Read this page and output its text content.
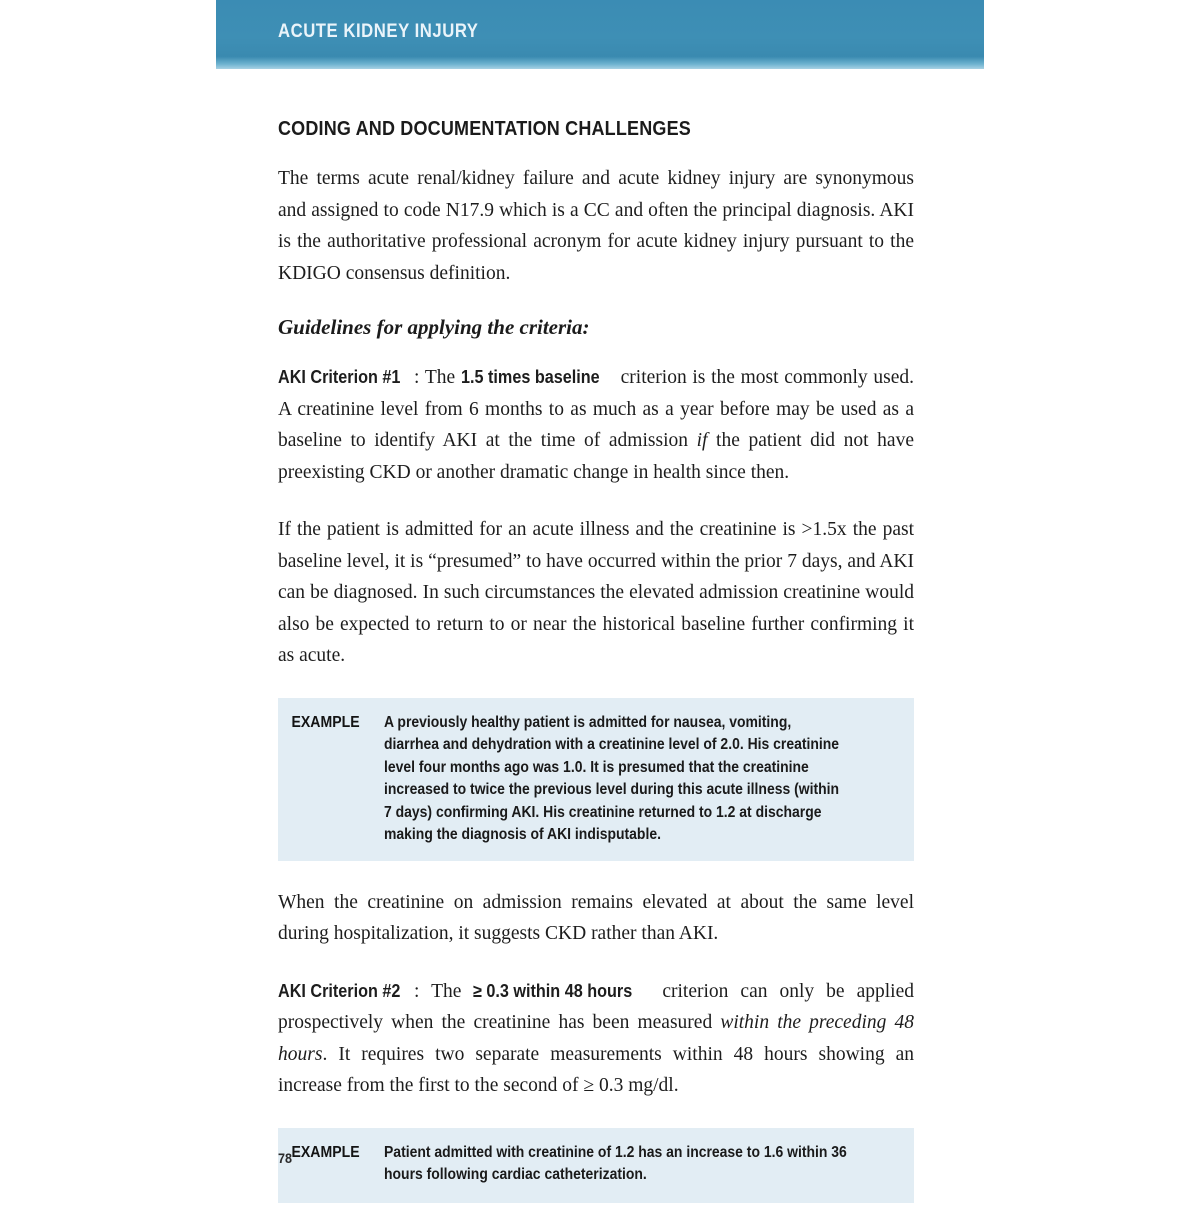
ACUTE KIDNEY INJURY
CODING AND DOCUMENTATION CHALLENGES

The terms acute renal/kidney failure and acute kidney injury are synonymous and assigned to code N17.9 which is a CC and often the principal diagnosis. AKI is the authoritative professional acronym for acute kidney injury pursuant to the KDIGO consensus definition.

Guidelines for applying the criteria:

AKI Criterion #1 : The 1.5 times baseline criterion is the most commonly used. A creatinine level from 6 months to as much as a year before may be used as a baseline to identify AKI at the time of admission if the patient did not have preexisting CKD or another dramatic change in health since then.

If the patient is admitted for an acute illness and the creatinine is >1.5x the past baseline level, it is “presumed” to have occurred within the prior 7 days, and AKI can be diagnosed. In such circumstances the elevated admission creatinine would also be expected to return to or near the historical baseline further confirming it as acute.

EXAMPLE	A previously healthy patient is admitted for nausea, vomiting, diarrhea and dehydration with a creatinine level of 2.0. His creatinine level four months ago was 1.0. It is presumed that the creatinine increased to twice the previous level during this acute illness (within 7 days) confirming AKI. His creatinine returned to 1.2 at discharge making the diagnosis of AKI indisputable.

When the creatinine on admission remains elevated at about the same level during hospitalization, it suggests CKD rather than AKI.

AKI Criterion #2 : The ≥ 0.3 within 48 hours criterion can only be applied prospectively when the creatinine has been measured within the preceding 48 hours. It requires two separate measurements within 48 hours showing an increase from the first to the second of ≥ 0.3 mg/dl.

EXAMPLE	Patient admitted with creatinine of 1.2 has an increase to 1.6 within 36 hours following cardiac catheterization.
78
